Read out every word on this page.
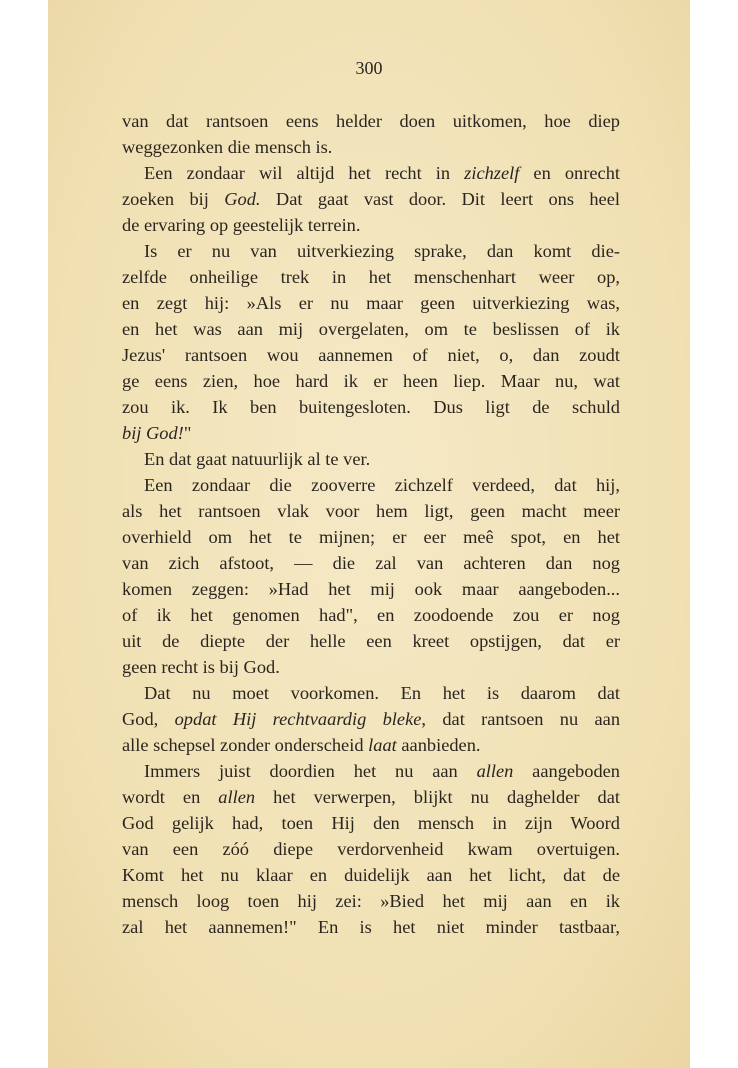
300
van dat rantsoen eens helder doen uitkomen, hoe diep
weggezonken die mensch is.
Een zondaar wil altijd het recht in zichzelf en onrecht
zoeken bij God. Dat gaat vast door. Dit leert ons heel
de ervaring op geestelijk terrein.
Is er nu van uitverkiezing sprake, dan komt die-
zelfde onheilige trek in het menschenhart weer op,
en zegt hij: »Als er nu maar geen uitverkiezing was,
en het was aan mij overgelaten, om te beslissen of ik
Jezus' rantsoen wou aannemen of niet, o, dan zoudt
ge eens zien, hoe hard ik er heen liep. Maar nu, wat
zou ik. Ik ben buitengesloten. Dus ligt de schuld
bij God!"
En dat gaat natuurlijk al te ver.
Een zondaar die zooverre zichzelf verdeed, dat hij,
als het rantsoen vlak voor hem ligt, geen macht meer
overhield om het te mijnen; er eer meê spot, en het
van zich afstoot, — die zal van achteren dan nog
komen zeggen: »Had het mij ook maar aangeboden...
of ik het genomen had", en zoodoende zou er nog
uit de diepte der helle een kreet opstijgen, dat er
geen recht is bij God.
Dat nu moet voorkomen. En het is daarom dat
God, opdat Hij rechtvaardig bleke, dat rantsoen nu aan
alle schepsel zonder onderscheid laat aanbieden.
Immers juist doordien het nu aan allen aangeboden
wordt en allen het verwerpen, blijkt nu daghelder dat
God gelijk had, toen Hij den mensch in zijn Woord
van een zóó diepe verdorvenheid kwam overtuigen.
Komt het nu klaar en duidelijk aan het licht, dat de
mensch loog toen hij zei: »Bied het mij aan en ik
zal het aannemen!" En is het niet minder tastbaar,
